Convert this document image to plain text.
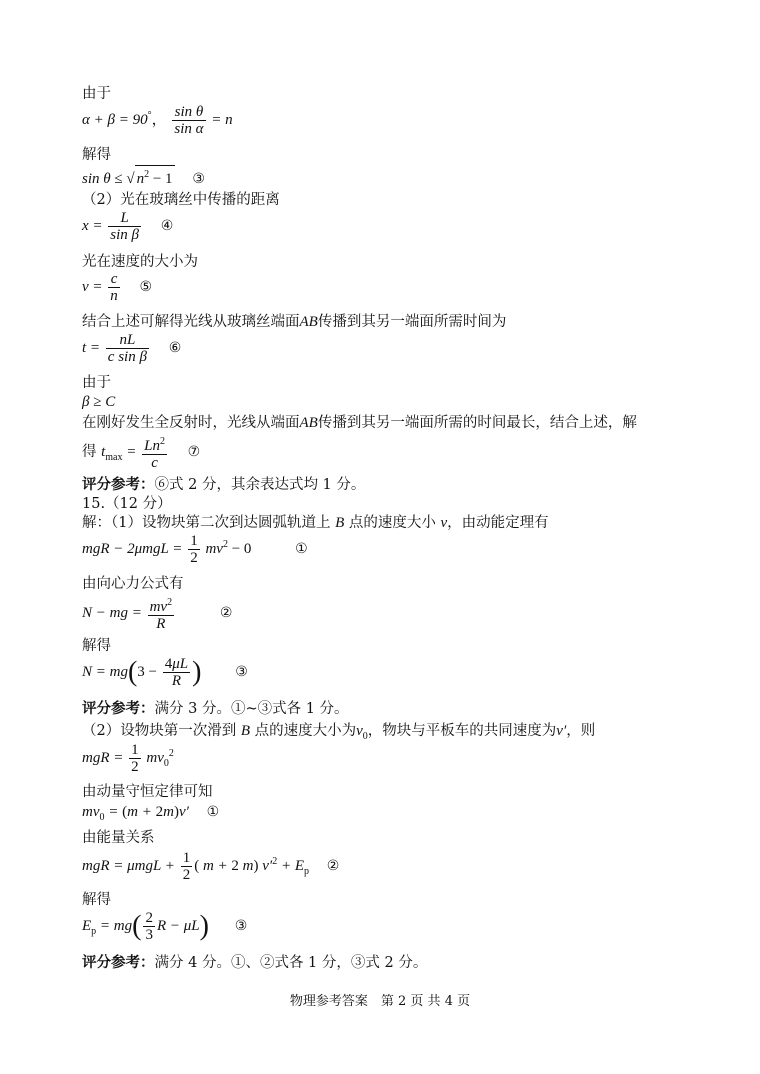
由于
α + β = 90°， $\frac{\text{sin θ}}{\text{sin α}} = n$
解得
sin θ ≤ √ $n^2 - 1$ ③
（2）光在玻璃丝中传播的距离
$x = \frac{L}{\text{sin β}}$ ④
光在速度的大小为
$v = \frac{c}{n}$ ⑤
结合上述可解得光线从玻璃丝端面AB传播到其另一端面所需时间为
$t = \frac{nL}{\text{c sin β}}$ ⑥
由于
β ≥ C
在刚好发生全反射时，光线从端面AB传播到其另一端面所需的时间最长，结合上述，解
得 $t_{max} = \frac{Ln^2}{c}$ ⑦
评分参考：⑥式 2 分，其余表达式均 1 分。
15.（12 分）
解：（1）设物块第二次到达圆弧轨道上 B 点的速度大小 v，由动能定理有
mgR − $2\mu mgL = \frac{1}{2} mv^2 - 0$	①
由向心力公式有
N − mg = $\frac{mv^2}{R}$	②
解得
$N = mg(3 - \frac{4\mu L}{R}$ ) ③
评分参考：满分 3 分。①~③式各 1 分。
（2）设物块第一次滑到 B 点的速度大小为$v_0$，物块与平板车的共同速度为v′，则
mgR = $\frac{1}{2} mv_0^2$
由动量守恒定律可知
$mv_0 = (m + 2m)v'$ ①
由能量关系
mgR = $\mu mgL + \frac{1}{2}$ ( m + 2 m) $v'^2 + E_p$ ②
解得
$E_p = mg( \frac{2}{3}$ R − μL) ③
评分参考：满分 4 分。①、②式各 1 分，③式 2 分。
物理参考答案　第 2 页 共 4 页
